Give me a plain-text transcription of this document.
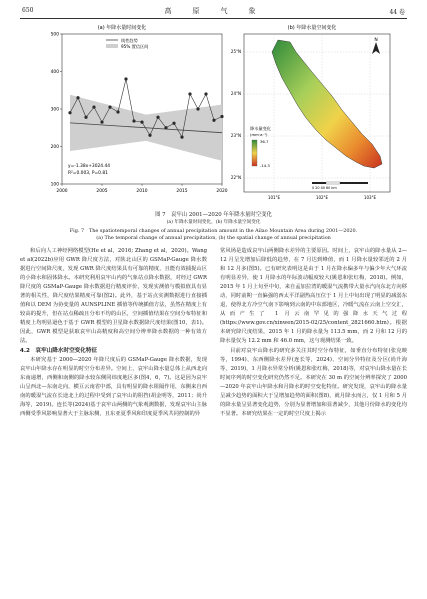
650	高　原　气　象	44 卷
(a) 年降水量时间变化
2000	2005	2010	2015	2020
100
200
300
400
500
线性趋势
95% 置信区间
y=-1.38x+3024.44
R²=0.003, P=0.81
(b) 年降水量空间变化
N
25°N
24°N
23°N
22°N
101°E	102°E	103°E
降水量变化
(mm·a⁻¹)
36.7
-14.3
0 20 40 80 km
图 7　哀牢山 2001—2020 年年降水量时空变化
(a) 年降水量时间变化，(b) 年降水量空间变化
Fig. 7　The spatiotemporal changes of annual precipitation amount in the Ailao Mountain Area during 2001—2020.
(a) The temporal change of annual precipitation, (b) the spatial change of annual precipitation

和后向人工神经网络模型(He et al，2016; Zhang et al，2020)。Wang et al(2022b)应用 GWR 降尺度方法，对陕北山区的 GSMaP-Gauge 降水数据进行空间降尺度，发现 GWR 降尺度结果具有可靠的精度，且能有效捕捉山区的小降水和固体降水。本研究利用哀牢山内的气象站点降水数据，对经过 GWR 降尺度的 GSMaP-Gauge 降水数据进行精度评价，发现实测值与模拟值具有显著的相关性，降尺度结果精度可靠(图2)。此外，基于站点实测数据进行直接插值和以 DEM 为协变量的 AUNSPLINE 插值等传统插值方法，虽然在精度上有较高的提升，但在站点稀疏且分布不均的山区，空间插值结果在空间分布特征和精度上均明显逊色于基于 GWR 模型的卫星降水数据降尺度结果(图10，表1)。因此，GWR 模型是获取哀牢山高精度和高空间分辨率降水数据的一种有效方法。

4.2　哀牢山降水时空变化特征

本研究基于 2000—2020 年降尺度后的 GSMaP-Gauge 降水数据，发现哀牢山年降水存在明显的时空分布差异。空间上，哀牢山降水量总体上从西北向东南递增，西侧和南侧的降水较东侧同纬度地区多(图4，6，7)。这是因为哀牢山呈西北—东南走向，横亘云南省中部，具有明显的降水阻隔作用，东侧来自西南的暖湿气流在长途北上的过程中受到了哀牢山的阻挡(胡金明等，2011；尚升海等，2019)。连长等(2024)基于哀牢山两侧的气象观测数据，发现哀牢山主脉西侧受季风影响显著大于主脉东侧，且东亚夏季风和印度夏季风共同控制的异

常风场是造成哀牢山两侧降水差异的主要原因。时间上，哀牢山的降水量从 2—12 月呈先增加后降低的趋势，在 7 月达到峰值，而 1 月降水量较邻近的 2 月和 12 月多(图5)。已有研究表明这是由于 1 月在降水偏多年与偏少年大气环流有明显差异，使 1 月降水的年际波动幅度较大(姚恩和张红梅，2018)。例如，2015 年 1 月上旬至中旬，来自孟加拉湾的暖湿气流携带大量水汽向东北方向移动，同时前期一直偏强的西太平洋副热高压位于 1 月上中旬出现了明显的减弱东退，使得北方冷空气南下影响到云南的中东部地区，冷暖气流在云南上空交汇，从而产生了 1 月云南罕见的强降水天气过程(https://www.gov.cn/xinwen/2015-02/25/content_2821660.htm)。根据本研究降尺度结果，2015 年 1 月的降水量为 113.5 mm，而 2 月和 12 月的降水量仅为 12.2 mm 和 46.0 mm，这与观测结果一致。

目前对哀牢山降水的研究多关注其时空分布特征，如垂直分布特征(张克映等，1994)、东西侧降水差异(连长等，2024)、空间分异特征及分区(尚升海等，2019)，1 月降水异常分析(姚恩和张红梅，2018)等，对哀牢山降水量在长时间序列的时空变化研究仍然不足。本研究在 30 m 的空间分辨率探究了 2000—2020 年哀牢山年降水和月降水的时空变化特征。研究发现，哀牢山的降水量呈减少趋势的面积大于呈增加趋势的面积(图8)，就月降水而言，仅 1 月和 5 月的降水量呈显著变化趋势，分别为显著增加和显著减少，其他月份降水的变化均不显著。本研究结果在一定的时空尺度上揭示
